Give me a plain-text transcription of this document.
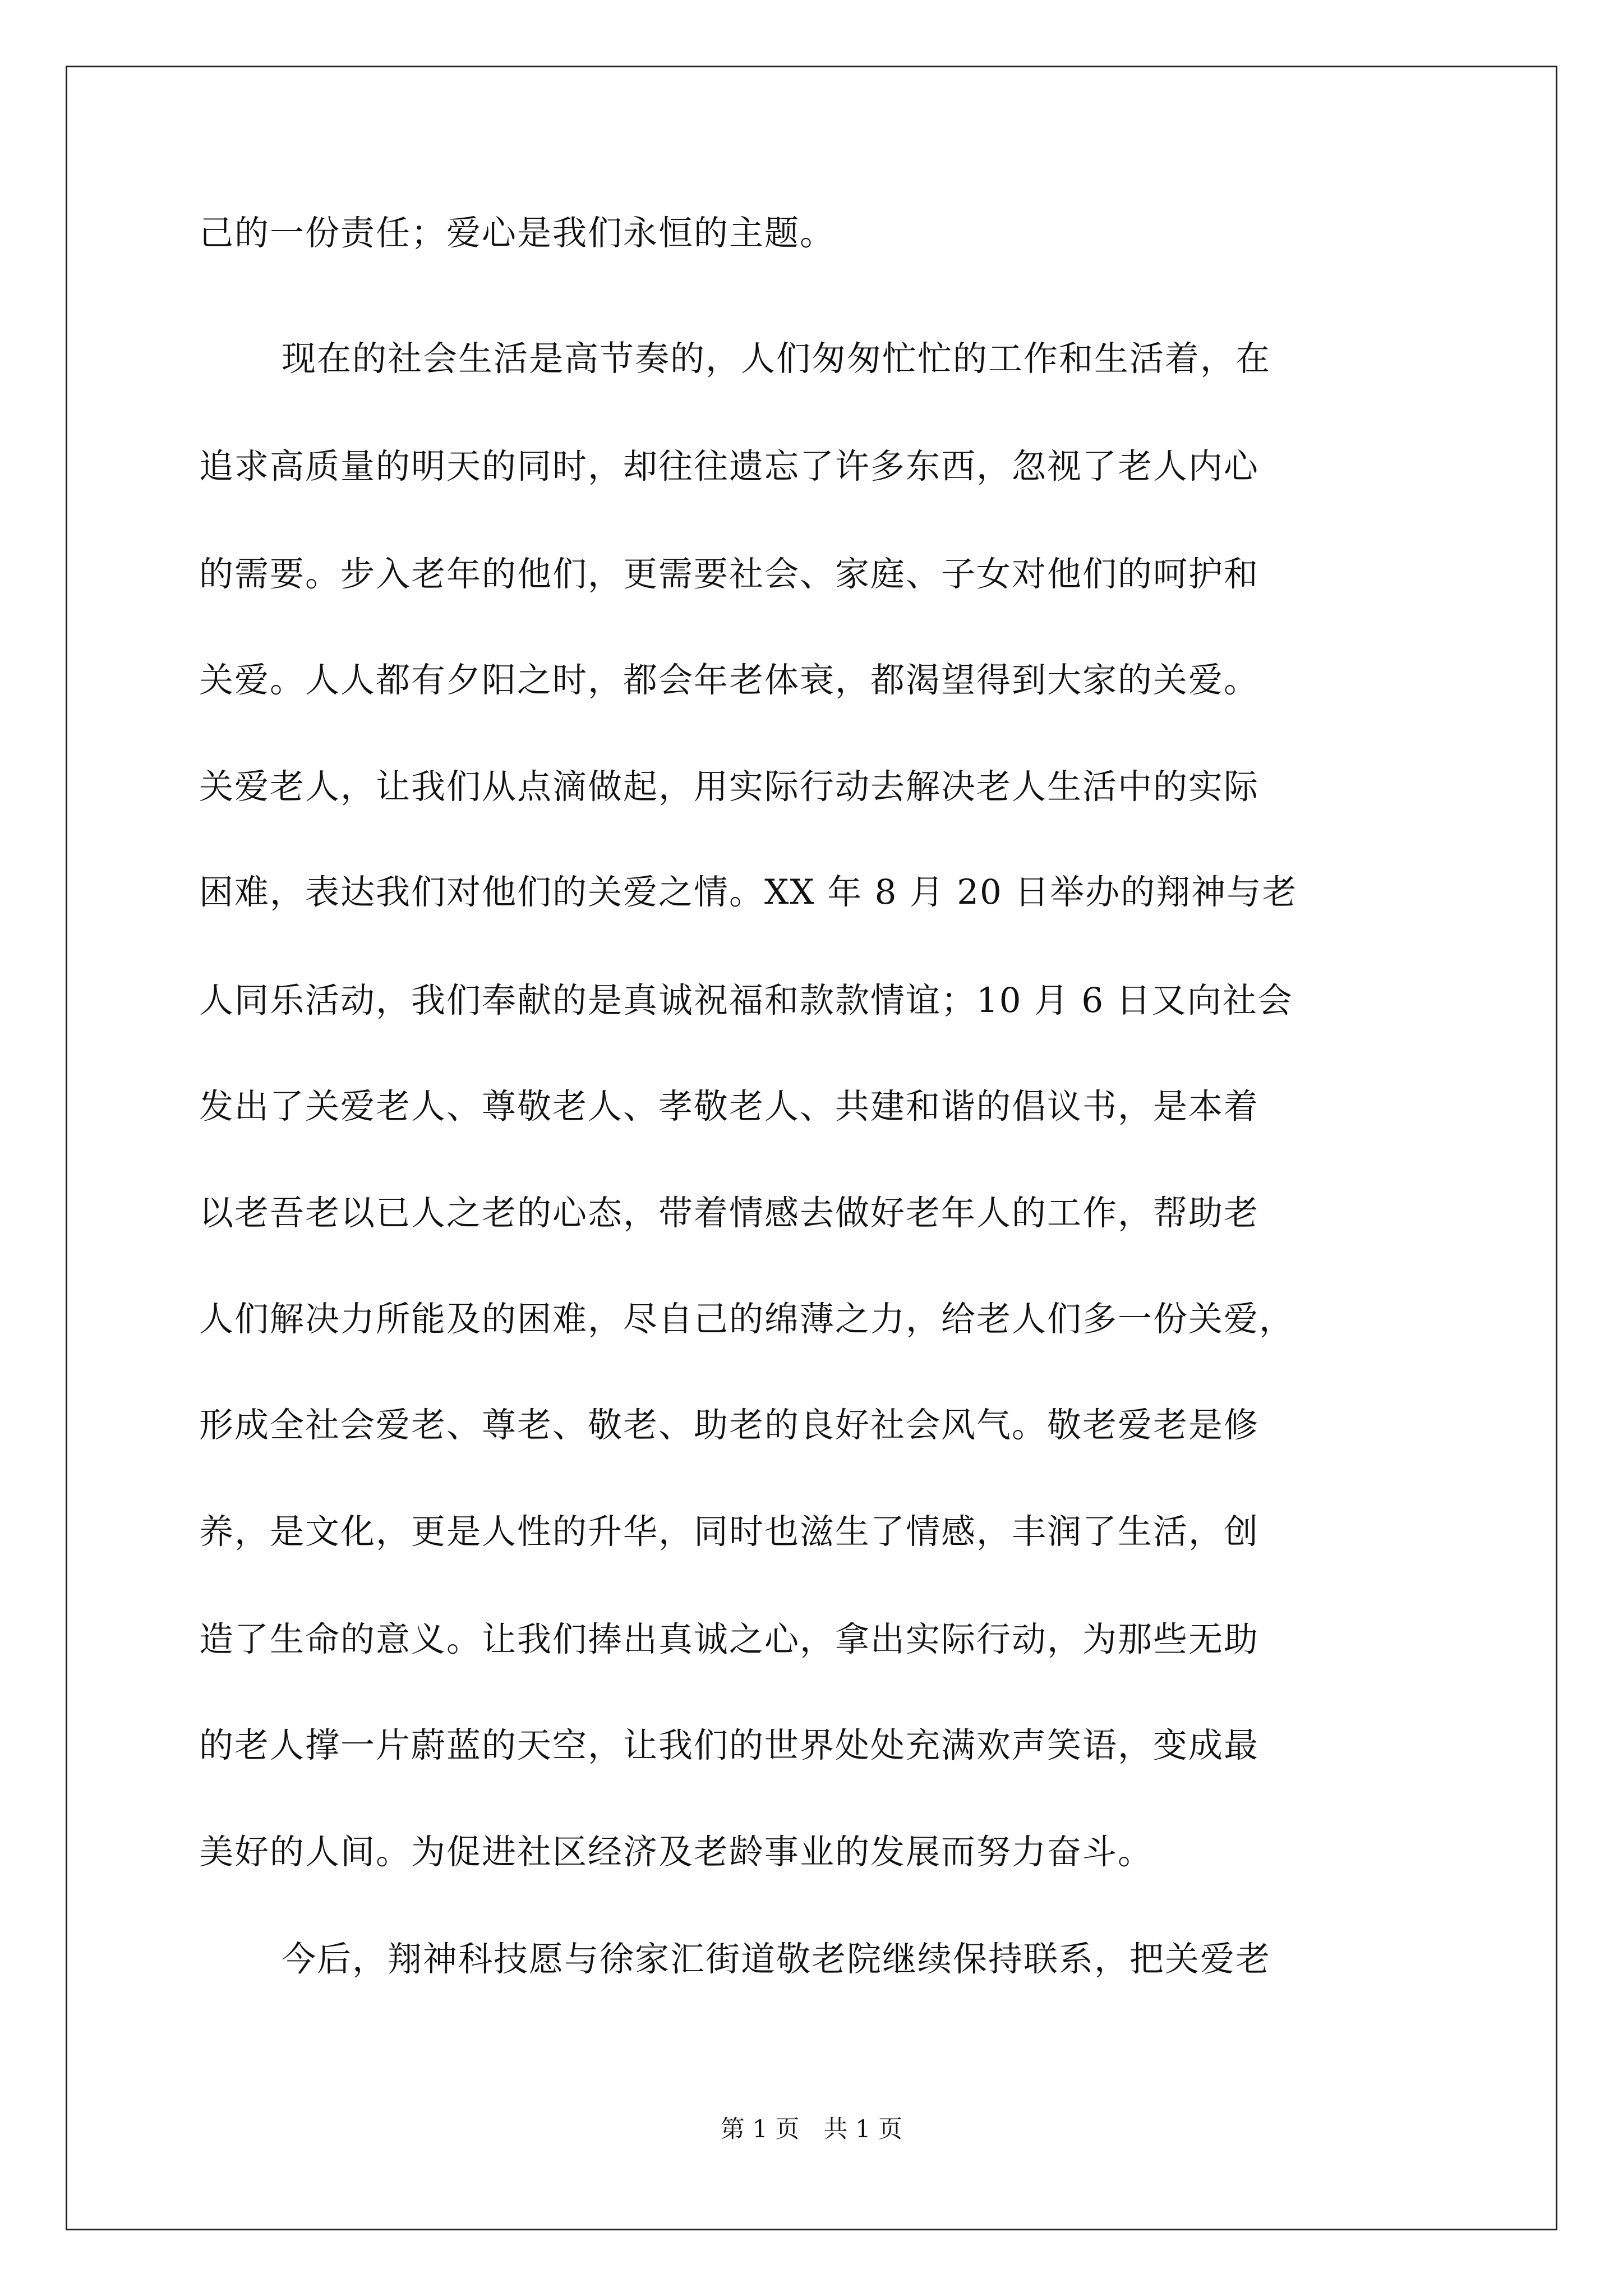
己的一份责任；爱心是我们永恒的主题。
现在的社会生活是高节奏的，人们匆匆忙忙的工作和生活着，在
追求高质量的明天的同时，却往往遗忘了许多东西，忽视了老人内心
的需要。步入老年的他们，更需要社会、家庭、子女对他们的呵护和
关爱。人人都有夕阳之时，都会年老体衰，都渴望得到大家的关爱。
关爱老人，让我们从点滴做起，用实际行动去解决老人生活中的实际
困难，表达我们对他们的关爱之情。XX 年 8 月 20 日举办的翔神与老
人同乐活动，我们奉献的是真诚祝福和款款情谊；10 月 6 日又向社会
发出了关爱老人、尊敬老人、孝敬老人、共建和谐的倡议书，是本着
以老吾老以已人之老的心态，带着情感去做好老年人的工作，帮助老
人们解决力所能及的困难，尽自己的绵薄之力，给老人们多一份关爱，
形成全社会爱老、尊老、敬老、助老的良好社会风气。敬老爱老是修
养，是文化，更是人性的升华，同时也滋生了情感，丰润了生活，创
造了生命的意义。让我们捧出真诚之心，拿出实际行动，为那些无助
的老人撑一片蔚蓝的天空，让我们的世界处处充满欢声笑语，变成最
美好的人间。为促进社区经济及老龄事业的发展而努力奋斗。
今后，翔神科技愿与徐家汇街道敬老院继续保持联系，把关爱老
第 1 页　共 1 页
